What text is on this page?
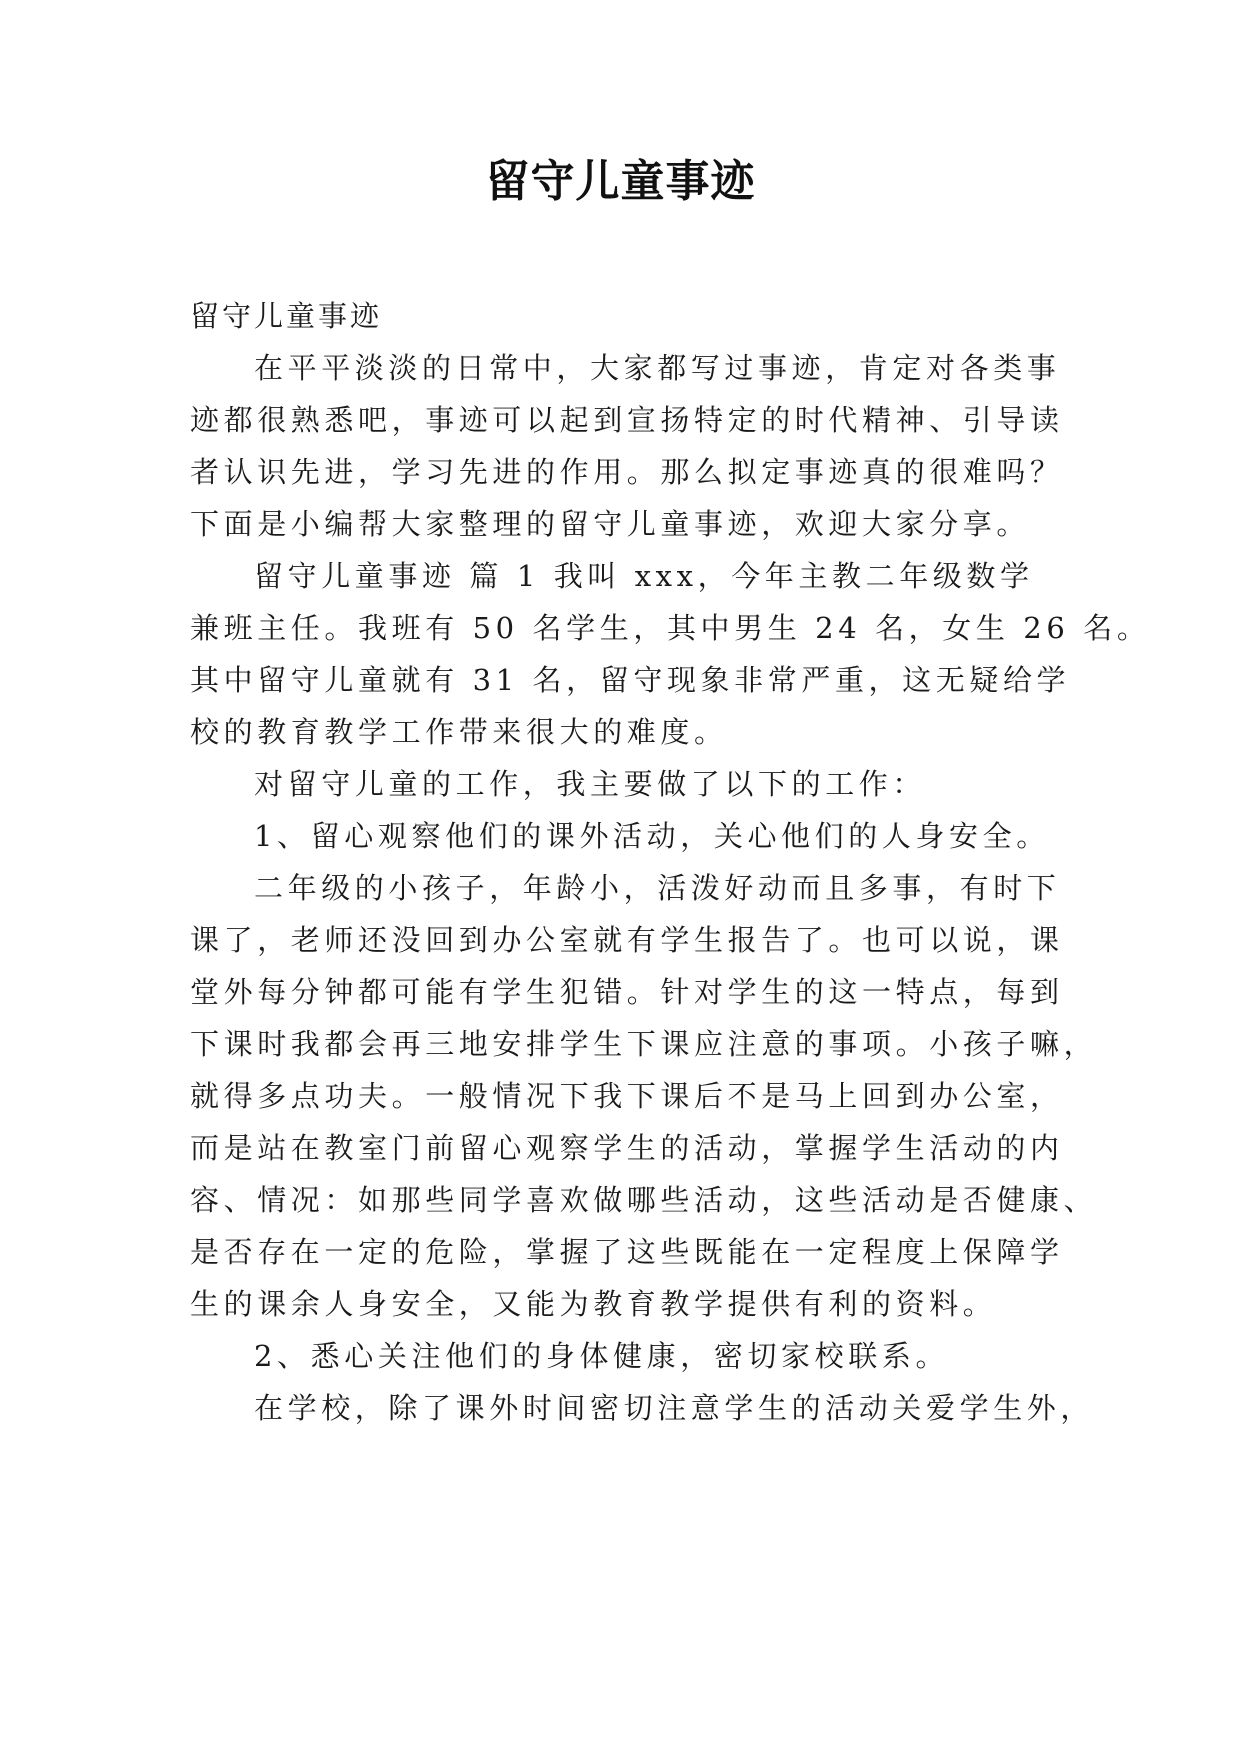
留守儿童事迹
留守儿童事迹
在平平淡淡的日常中，大家都写过事迹，肯定对各类事
迹都很熟悉吧，事迹可以起到宣扬特定的时代精神、引导读
者认识先进，学习先进的作用。那么拟定事迹真的很难吗？
下面是小编帮大家整理的留守儿童事迹，欢迎大家分享。
留守儿童事迹 篇 1 我叫 xxx，今年主教二年级数学
兼班主任。我班有 50 名学生，其中男生 24 名，女生 26 名。
其中留守儿童就有 31 名，留守现象非常严重，这无疑给学
校的教育教学工作带来很大的难度。
对留守儿童的工作，我主要做了以下的工作：
1、留心观察他们的课外活动，关心他们的人身安全。
二年级的小孩子，年龄小，活泼好动而且多事，有时下
课了，老师还没回到办公室就有学生报告了。也可以说，课
堂外每分钟都可能有学生犯错。针对学生的这一特点，每到
下课时我都会再三地安排学生下课应注意的事项。小孩子嘛，
就得多点功夫。一般情况下我下课后不是马上回到办公室，
而是站在教室门前留心观察学生的活动，掌握学生活动的内
容、情况：如那些同学喜欢做哪些活动，这些活动是否健康、
是否存在一定的危险，掌握了这些既能在一定程度上保障学
生的课余人身安全，又能为教育教学提供有利的资料。
2、悉心关注他们的身体健康，密切家校联系。
在学校，除了课外时间密切注意学生的活动关爱学生外，
